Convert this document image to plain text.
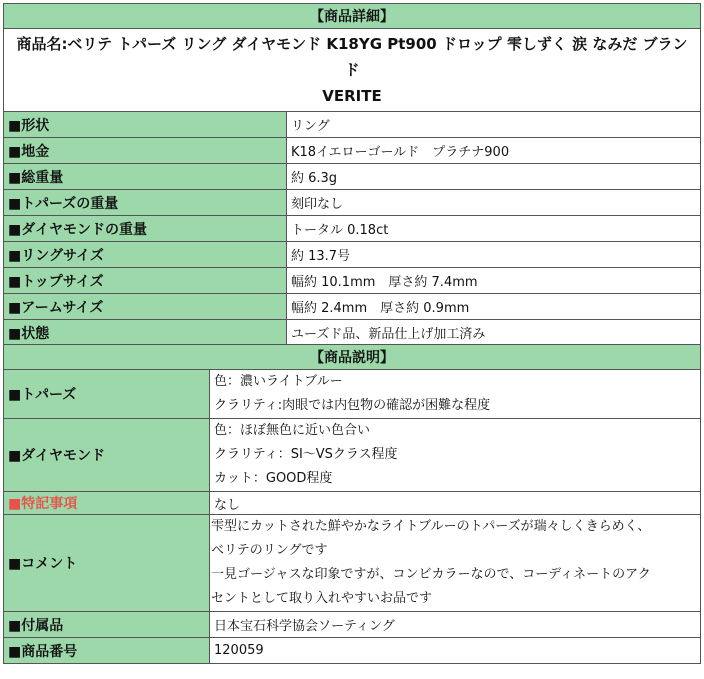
【商品詳細】	

商品名:ベリテ トパーズ リング ダイヤモンド K18YG Pt900 ドロップ 雫しずく 涙 なみだ ブランド
VERITE	

■形状	リング
■地金	K18イエローゴールド　プラチナ900
■総重量	約 6.3g
■トパーズの重量	刻印なし
■ダイヤモンドの重量	トータル 0.18ct
■リングサイズ	約 13.7号
■トップサイズ	幅約 10.1mm　厚さ約 7.4mm
■アームサイズ	幅約 2.4mm　厚さ約 0.9mm
■状態	ユーズド品、新品仕上げ加工済み
【商品説明】	
■トパーズ	色：濃いライトブルー
クラリティ:肉眼では内包物の確認が困難な程度

■ダイヤモンド	色：ほぼ無色に近い色合い
クラリティ：SI〜VSクラス程度
カット：GOOD程度

■特記事項	なし
■コメント	雫型にカットされた鮮やかなライトブルーのトパーズが瑞々しくきらめく、
ベリテのリングです
一見ゴージャスな印象ですが、コンビカラーなので、コーディネートのアク
セントとして取り入れやすいお品です

■付属品	日本宝石科学協会ソーティング
■商品番号	120059
